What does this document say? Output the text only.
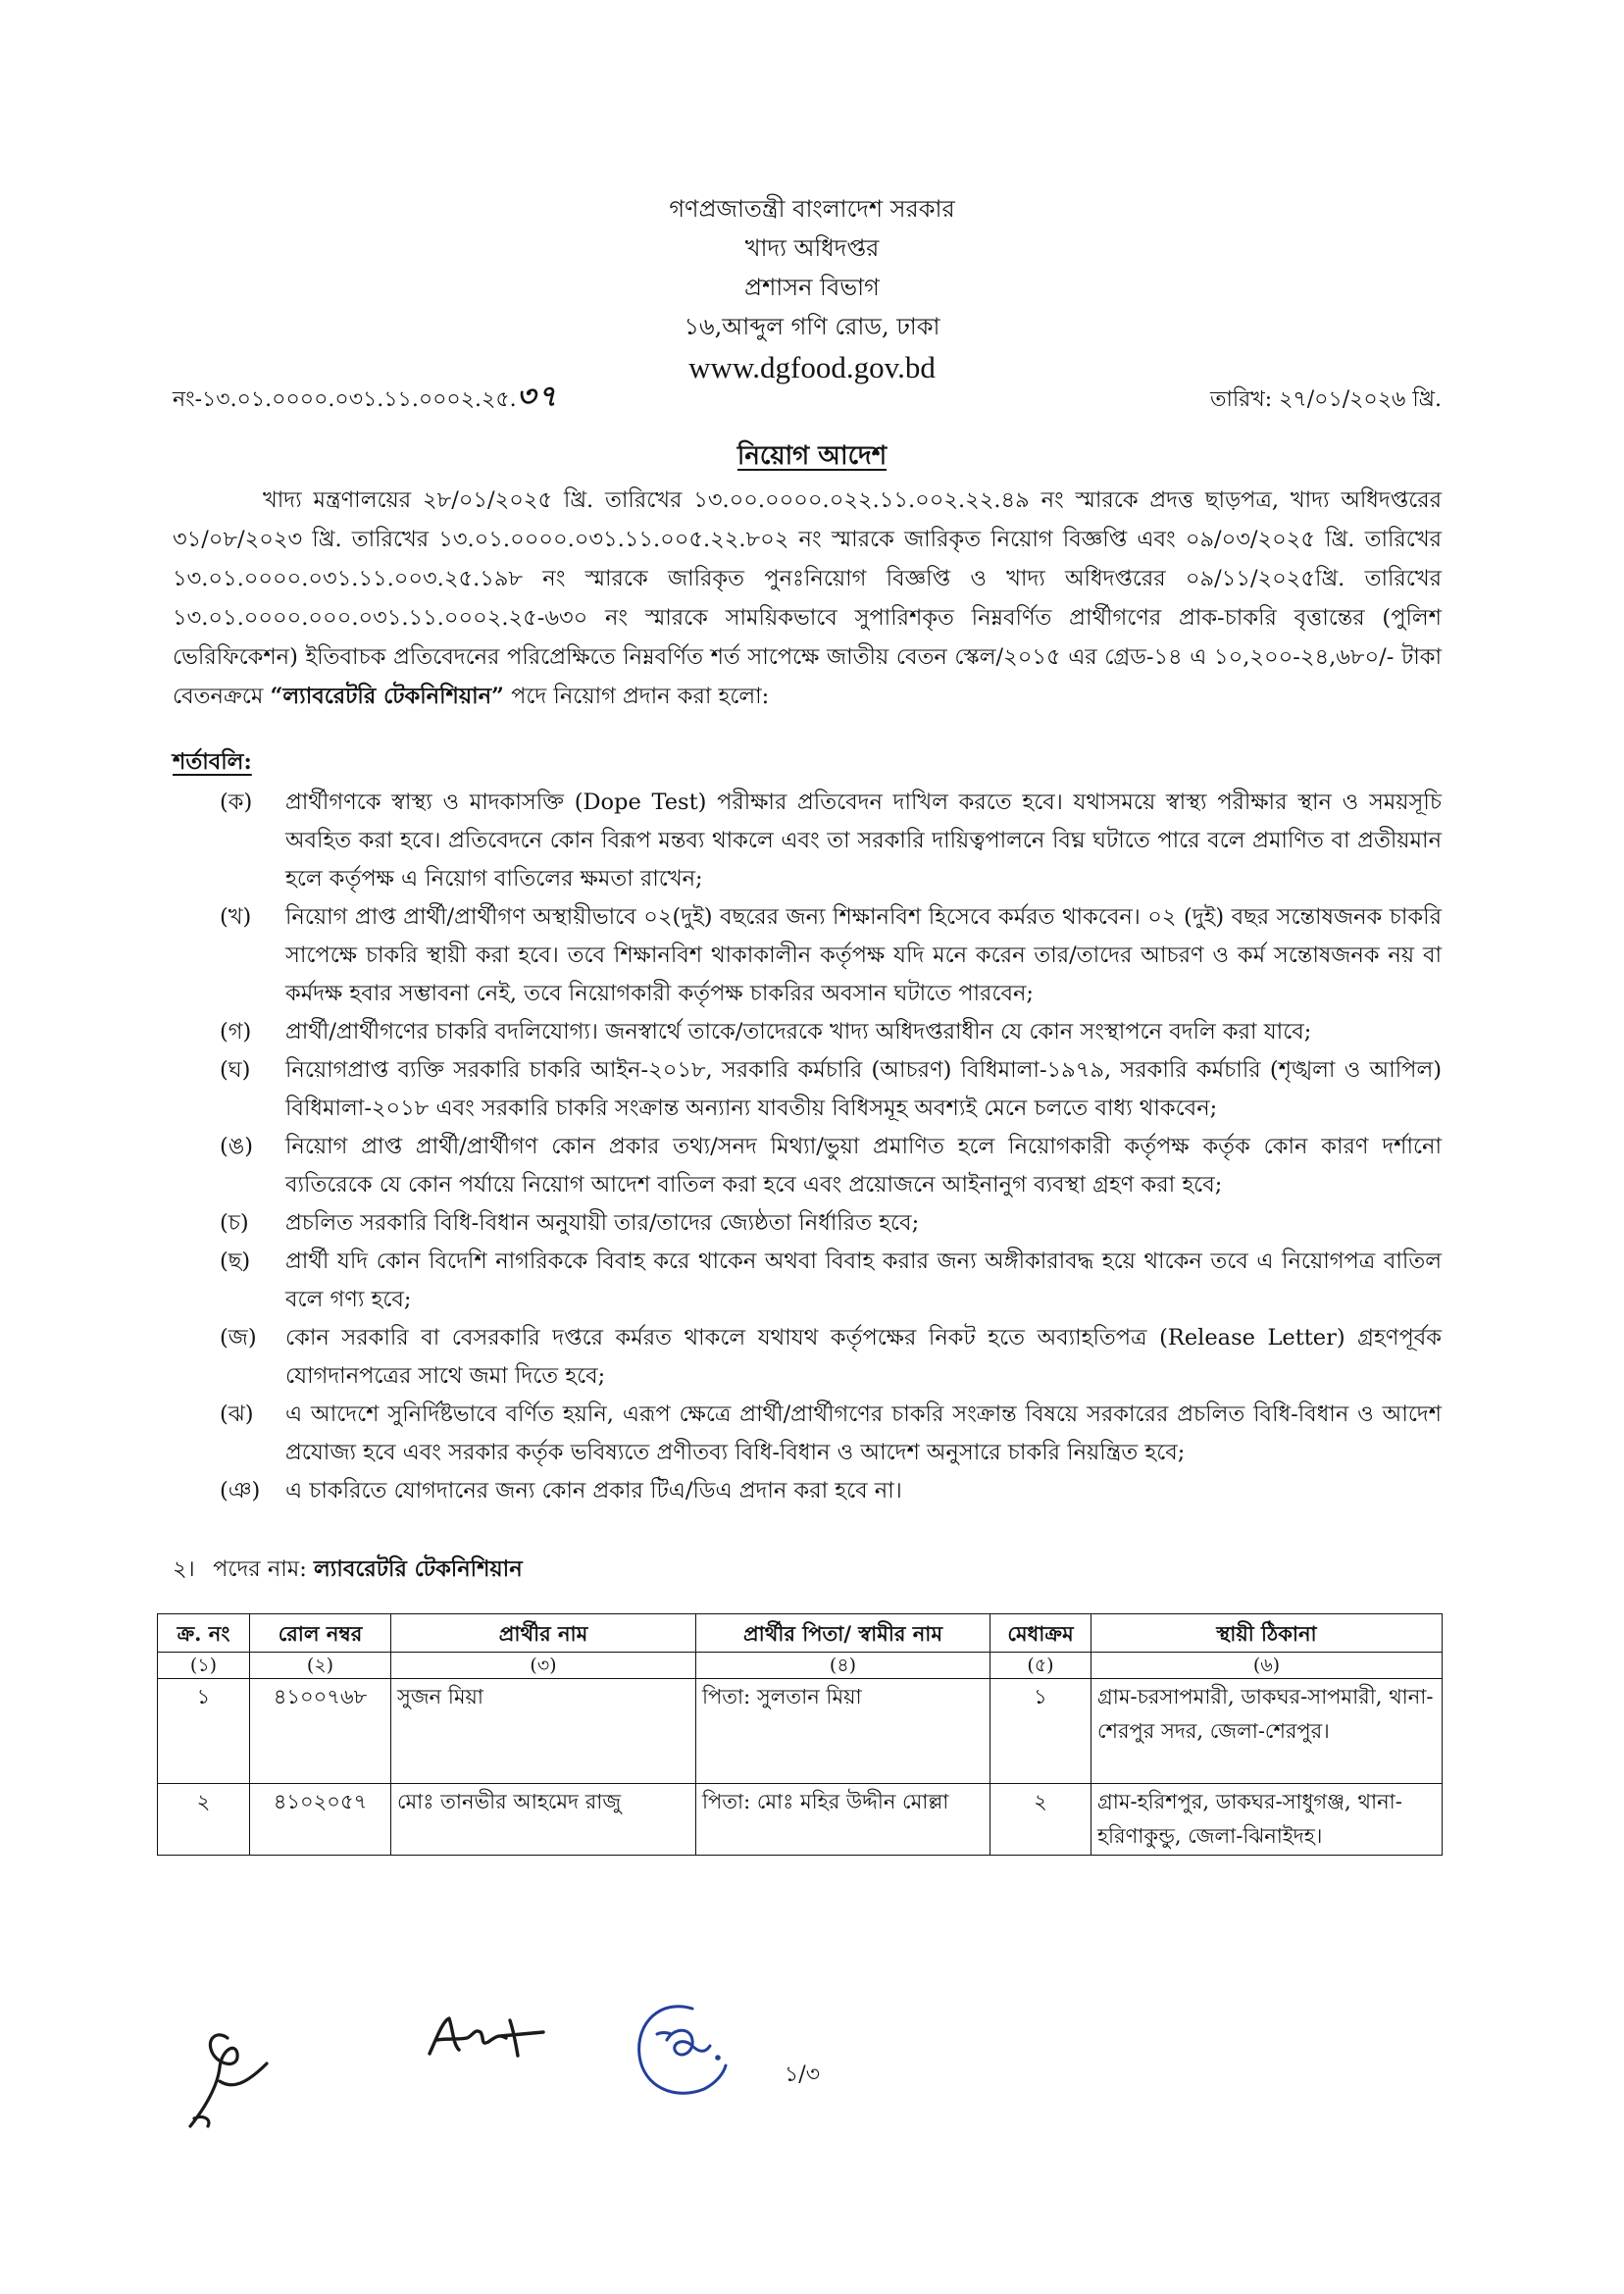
গণপ্রজাতন্ত্রী বাংলাদেশ সরকার
খাদ্য অধিদপ্তর
প্রশাসন বিভাগ
১৬,আব্দুল গণি রোড, ঢাকা
www.dgfood.gov.bd
নং-১৩.০১.০০০০.০৩১.১১.০০০২.২৫.৩৭	তারিখ: ২৭/০১/২০২৬ খ্রি.
নিয়োগ আদেশ

খাদ্য মন্ত্রণালয়ের ২৮/০১/২০২৫ খ্রি. তারিখের ১৩.০০.০০০০.০২২.১১.০০২.২২.৪৯ নং স্মারকে প্রদত্ত ছাড়পত্র, খাদ্য অধিদপ্তরের ৩১/০৮/২০২৩ খ্রি. তারিখের ১৩.০১.০০০০.০৩১.১১.০০৫.২২.৮০২ নং স্মারকে জারিকৃত নিয়োগ বিজ্ঞপ্তি এবং ০৯/০৩/২০২৫ খ্রি. তারিখের ১৩.০১.০০০০.০৩১.১১.০০৩.২৫.১৯৮ নং স্মারকে জারিকৃত পুনঃনিয়োগ বিজ্ঞপ্তি ও খাদ্য অধিদপ্তরের ০৯/১১/২০২৫খ্রি. তারিখের ১৩.০১.০০০০.০০০.০৩১.১১.০০০২.২৫-৬৩০ নং স্মারকে সাময়িকভাবে সুপারিশকৃত নিম্নবর্ণিত প্রার্থীগণের প্রাক-চাকরি বৃত্তান্তের (পুলিশ ভেরিফিকেশন) ইতিবাচক প্রতিবেদনের পরিপ্রেক্ষিতে নিম্নবর্ণিত শর্ত সাপেক্ষে জাতীয় বেতন স্কেল/২০১৫ এর গ্রেড-১৪ এ ১০,২০০-২৪,৬৮০/- টাকা বেতনক্রমে “ল্যাবরেটরি টেকনিশিয়ান” পদে নিয়োগ প্রদান করা হলো:

শর্তাবলি:
(ক)	প্রার্থীগণকে স্বাস্থ্য ও মাদকাসক্তি (Dope Test) পরীক্ষার প্রতিবেদন দাখিল করতে হবে। যথাসময়ে স্বাস্থ্য পরীক্ষার স্থান ও সময়সূচি অবহিত করা হবে। প্রতিবেদনে কোন বিরূপ মন্তব্য থাকলে এবং তা সরকারি দায়িত্বপালনে বিঘ্ন ঘটাতে পারে বলে প্রমাণিত বা প্রতীয়মান হলে কর্তৃপক্ষ এ নিয়োগ বাতিলের ক্ষমতা রাখেন;
(খ)	নিয়োগ প্রাপ্ত প্রার্থী/প্রার্থীগণ অস্থায়ীভাবে ০২(দুই) বছরের জন্য শিক্ষানবিশ হিসেবে কর্মরত থাকবেন। ০২ (দুই) বছর সন্তোষজনক চাকরি সাপেক্ষে চাকরি স্থায়ী করা হবে। তবে শিক্ষানবিশ থাকাকালীন কর্তৃপক্ষ যদি মনে করেন তার/তাদের আচরণ ও কর্ম সন্তোষজনক নয় বা কর্মদক্ষ হবার সম্ভাবনা নেই, তবে নিয়োগকারী কর্তৃপক্ষ চাকরির অবসান ঘটাতে পারবেন;
(গ)	প্রার্থী/প্রার্থীগণের চাকরি বদলিযোগ্য। জনস্বার্থে তাকে/তাদেরকে খাদ্য অধিদপ্তরাধীন যে কোন সংস্থাপনে বদলি করা যাবে;
(ঘ)	নিয়োগপ্রাপ্ত ব্যক্তি সরকারি চাকরি আইন-২০১৮, সরকারি কর্মচারি (আচরণ) বিধিমালা-১৯৭৯, সরকারি কর্মচারি (শৃঙ্খলা ও আপিল) বিধিমালা-২০১৮ এবং সরকারি চাকরি সংক্রান্ত অন্যান্য যাবতীয় বিধিসমূহ অবশ্যই মেনে চলতে বাধ্য থাকবেন;
(ঙ)	নিয়োগ প্রাপ্ত প্রার্থী/প্রার্থীগণ কোন প্রকার তথ্য/সনদ মিথ্যা/ভুয়া প্রমাণিত হলে নিয়োগকারী কর্তৃপক্ষ কর্তৃক কোন কারণ দর্শানো ব্যতিরেকে যে কোন পর্যায়ে নিয়োগ আদেশ বাতিল করা হবে এবং প্রয়োজনে আইনানুগ ব্যবস্থা গ্রহণ করা হবে;
(চ)	প্রচলিত সরকারি বিধি-বিধান অনুযায়ী তার/তাদের জ্যেষ্ঠতা নির্ধারিত হবে;
(ছ)	প্রার্থী যদি কোন বিদেশি নাগরিককে বিবাহ করে থাকেন অথবা বিবাহ করার জন্য অঙ্গীকারাবদ্ধ হয়ে থাকেন তবে এ নিয়োগপত্র বাতিল বলে গণ্য হবে;
(জ)	কোন সরকারি বা বেসরকারি দপ্তরে কর্মরত থাকলে যথাযথ কর্তৃপক্ষের নিকট হতে অব্যাহতিপত্র (Release Letter) গ্রহণপূর্বক যোগদানপত্রের সাথে জমা দিতে হবে;
(ঝ)	এ আদেশে সুনির্দিষ্টভাবে বর্ণিত হয়নি, এরূপ ক্ষেত্রে প্রার্থী/প্রার্থীগণের চাকরি সংক্রান্ত বিষয়ে সরকারের প্রচলিত বিধি-বিধান ও আদেশ প্রযোজ্য হবে এবং সরকার কর্তৃক ভবিষ্যতে প্রণীতব্য বিধি-বিধান ও আদেশ অনুসারে চাকরি নিয়ন্ত্রিত হবে;
(ঞ)	এ চাকরিতে যোগদানের জন্য কোন প্রকার টিএ/ডিএ প্রদান করা হবে না।
২। পদের নাম: ল্যাবরেটরি টেকনিশিয়ান
ক্র. নং	রোল নম্বর	প্রার্থীর নাম	প্রার্থীর পিতা/ স্বামীর নাম	মেধাক্রম	স্থায়ী ঠিকানা
(১)	(২)	(৩)	(৪)	(৫)	(৬)
১	৪১০০৭৬৮	সুজন মিয়া	পিতা: সুলতান মিয়া	১	গ্রাম-চরসাপমারী, ডাকঘর-সাপমারী, থানা-শেরপুর সদর, জেলা-শেরপুর।
২	৪১০২০৫৭	মোঃ তানভীর আহমেদ রাজু	পিতা: মোঃ মহির উদ্দীন মোল্লা	২	গ্রাম-হরিশপুর, ডাকঘর-সাধুগঞ্জ, থানা-হরিণাকুন্ডু, জেলা-ঝিনাইদহ।
১/৩
